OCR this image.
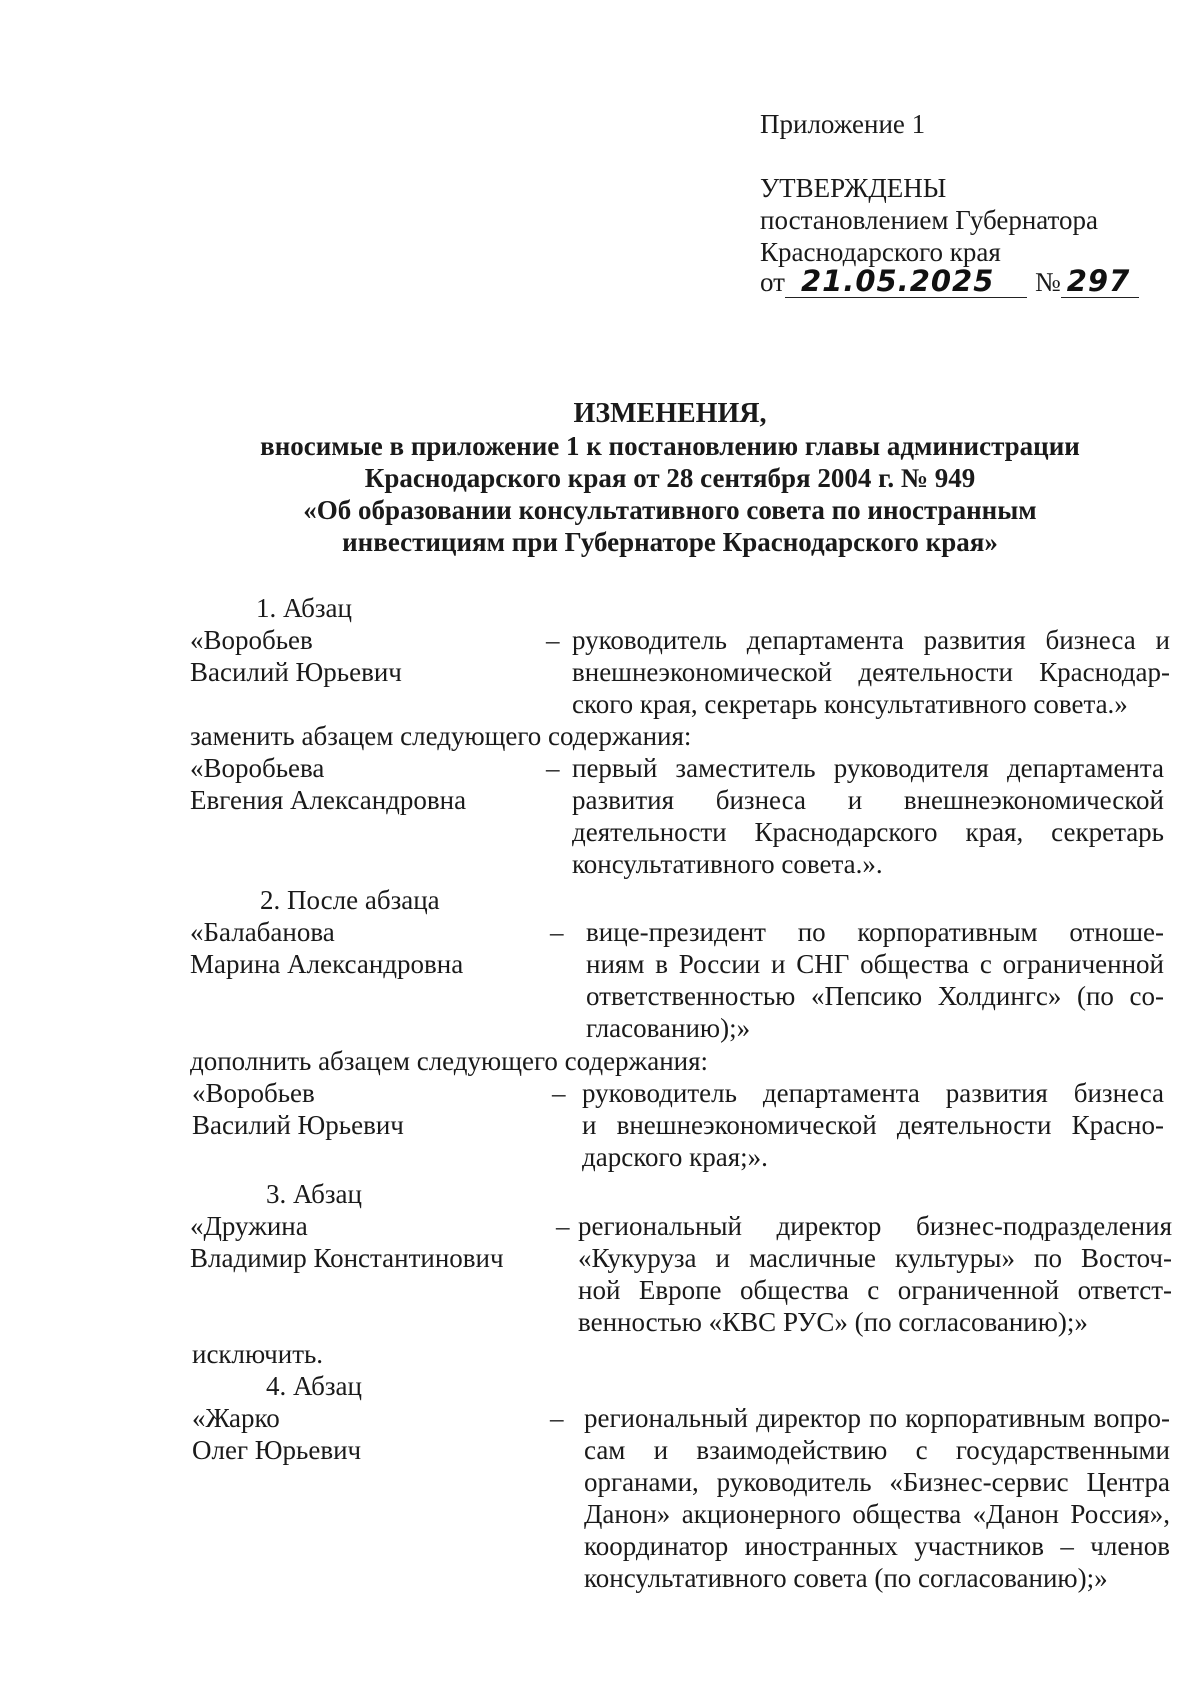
Приложение 1
УТВЕРЖДЕНЫ
постановлением Губернатора
Краснодарского края
от 21.05.2025 № 297
ИЗМЕНЕНИЯ,
вносимые в приложение 1 к постановлению главы администрации
Краснодарского края от 28 сентября 2004 г. № 949
«Об образовании консультативного совета по иностранным
инвестициям при Губернаторе Краснодарского края»
1. Абзац
«Воробьев
Василий Юрьевич
– руководитель департамента развития бизнеса и
внешнеэкономической деятельности Краснодар-
ского края, секретарь консультативного совета.»
заменить абзацем следующего содержания:
«Воробьева
Евгения Александровна
– первый заместитель руководителя департамента
развития бизнеса и внешнеэкономической
деятельности Краснодарского края, секретарь
консультативного совета.».
2. После абзаца
«Балабанова
Марина Александровна
– вице-президент по корпоративным отноше-
ниям в России и СНГ общества с ограниченной
ответственностью «Пепсико Холдингс» (по со-
гласованию);»
дополнить абзацем следующего содержания:
«Воробьев
Василий Юрьевич
– руководитель департамента развития бизнеса
и внешнеэкономической деятельности Красно-
дарского края;».
3. Абзац
«Дружина
Владимир Константинович
– региональный директор бизнес-подразделения
«Кукуруза и масличные культуры» по Восточ-
ной Европе общества с ограниченной ответст-
венностью «КВС РУС» (по согласованию);»
исключить.
4. Абзац
«Жарко
Олег Юрьевич
– региональный директор по корпоративным вопро-
сам и взаимодействию с государственными
органами, руководитель «Бизнес-сервис Центра
Данон» акционерного общества «Данон Россия»,
координатор иностранных участников – членов
консультативного совета (по согласованию);»
